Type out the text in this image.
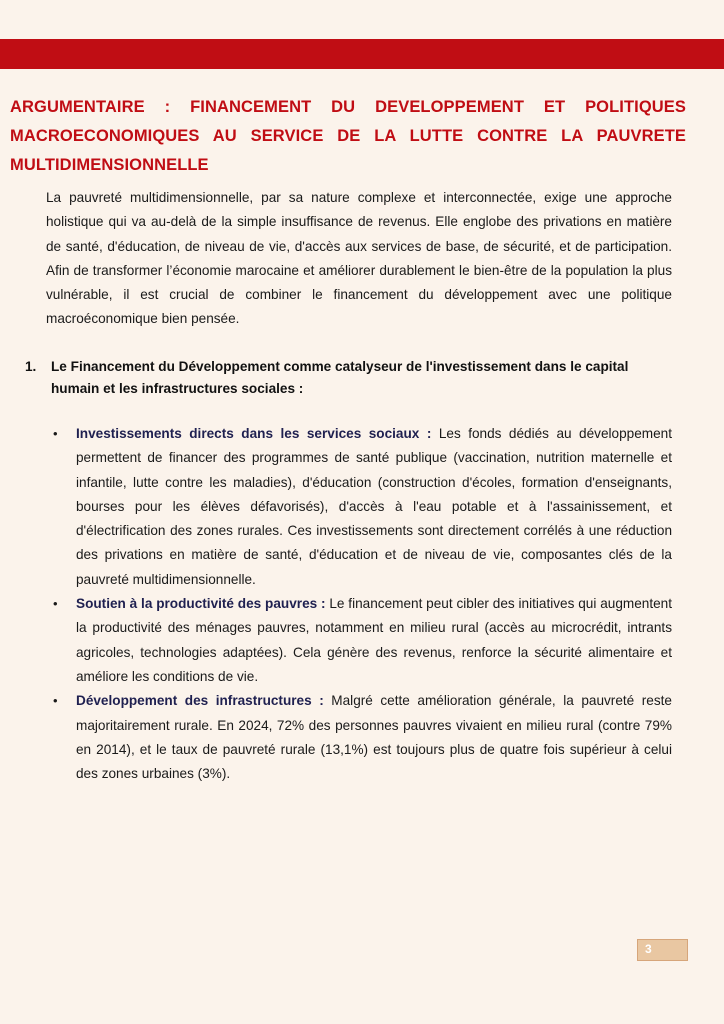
ARGUMENTAIRE : FINANCEMENT DU DEVELOPPEMENT ET POLITIQUES MACROECONOMIQUES AU SERVICE DE LA LUTTE CONTRE LA PAUVRETE MULTIDIMENSIONNELLE

La pauvreté multidimensionnelle, par sa nature complexe et interconnectée, exige une approche holistique qui va au-delà de la simple insuffisance de revenus. Elle englobe des privations en matière de santé, d'éducation, de niveau de vie, d'accès aux services de base, de sécurité, et de participation. Afin de transformer l’économie marocaine et améliorer durablement le bien-être de la population la plus vulnérable, il est crucial de combiner le financement du développement avec une politique macroéconomique bien pensée.

1. Le Financement du Développement comme catalyseur de l'investissement dans le capital humain et les infrastructures sociales :
• Investissements directs dans les services sociaux : Les fonds dédiés au développement permettent de financer des programmes de santé publique (vaccination, nutrition maternelle et infantile, lutte contre les maladies), d'éducation (construction d'écoles, formation d'enseignants, bourses pour les élèves défavorisés), d'accès à l'eau potable et à l'assainissement, et d'électrification des zones rurales. Ces investissements sont directement corrélés à une réduction des privations en matière de santé, d'éducation et de niveau de vie, composantes clés de la pauvreté multidimensionnelle.
• Soutien à la productivité des pauvres : Le financement peut cibler des initiatives qui augmentent la productivité des ménages pauvres, notamment en milieu rural (accès au microcrédit, intrants agricoles, technologies adaptées). Cela génère des revenus, renforce la sécurité alimentaire et améliore les conditions de vie.
• Développement des infrastructures : Malgré cette amélioration générale, la pauvreté reste majoritairement rurale. En 2024, 72% des personnes pauvres vivaient en milieu rural (contre 79% en 2014), et le taux de pauvreté rurale (13,1%) est toujours plus de quatre fois supérieur à celui des zones urbaines (3%).
3
